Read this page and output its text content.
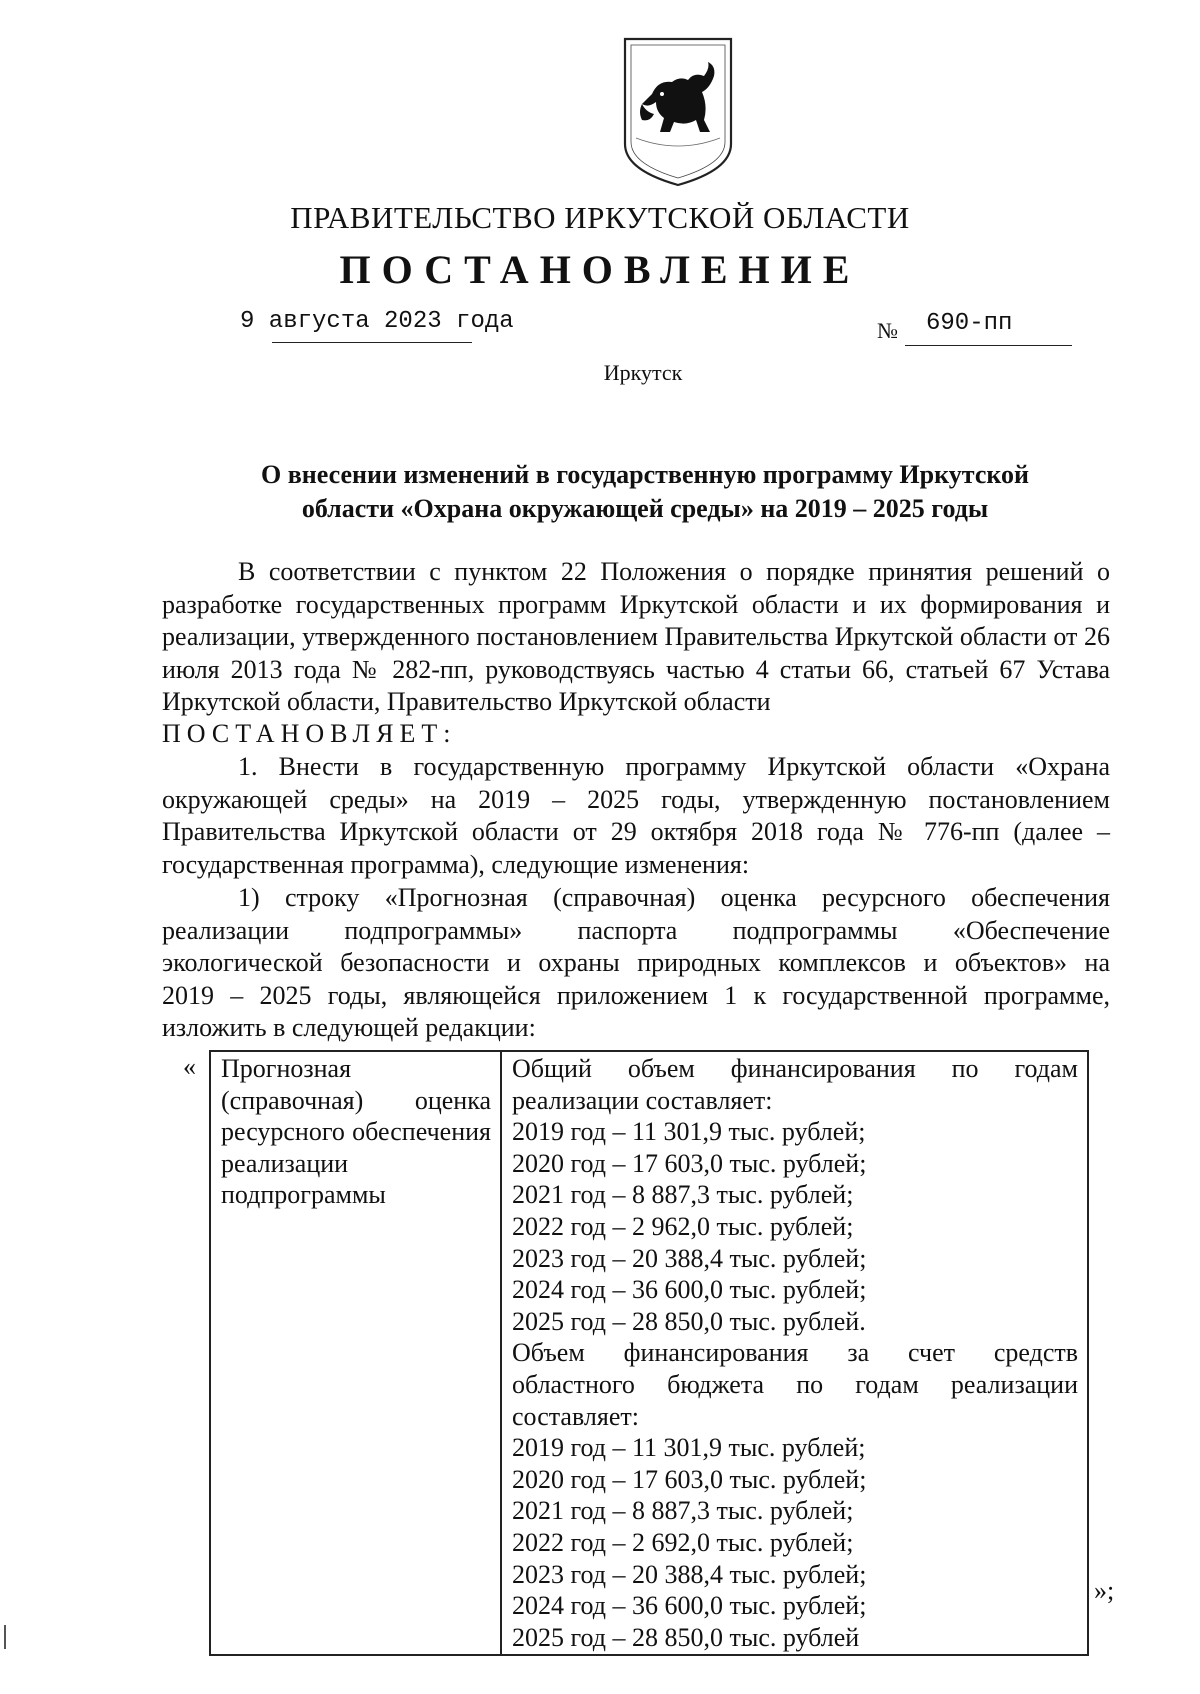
ПРАВИТЕЛЬСТВО ИРКУТСКОЙ ОБЛАСТИ
ПОСТАНОВЛЕНИЕ
9 августа 2023 года	№ 690-пп
Иркутск
О внесении изменений в государственную программу Иркутской
области «Охрана окружающей среды» на 2019 – 2025 годы
В соответствии с пунктом 22 Положения о порядке принятия решений о разработке государственных программ Иркутской области и их формирования и реализации, утвержденного постановлением Правительства Иркутской области от 26 июля 2013 года № 282-пп, руководствуясь частью 4 статьи 66, статьей 67 Устава Иркутской области, Правительство Иркутской области
ПОСТАНОВЛЯЕТ:
1. Внести в государственную программу Иркутской области «Охрана окружающей среды» на 2019 – 2025 годы, утвержденную постановлением Правительства Иркутской области от 29 октября 2018 года № 776-пп (далее – государственная программа), следующие изменения:
1) строку «Прогнозная (справочная) оценка ресурсного обеспечения
реализации подпрограммы» паспорта подпрограммы «Обеспечение
экологической безопасности и охраны природных комплексов и объектов» на
2019 – 2025 годы, являющейся приложением 1 к государственной программе,
изложить в следующей редакции:
« Прогнозная (справочная) оценка ресурсного обеспечения реализации подпрограммы

Общий объем финансирования по годам
реализации составляет:
2019 год – 11 301,9 тыс. рублей;
2020 год – 17 603,0 тыс. рублей;
2021 год – 8 887,3 тыс. рублей;
2022 год – 2 962,0 тыс. рублей;
2023 год – 20 388,4 тыс. рублей;
2024 год – 36 600,0 тыс. рублей;
2025 год – 28 850,0 тыс. рублей.
Объем финансирования за счет средств
областного бюджета по годам реализации
составляет:
2019 год – 11 301,9 тыс. рублей;
2020 год – 17 603,0 тыс. рублей;
2021 год – 8 887,3 тыс. рублей;
2022 год – 2 692,0 тыс. рублей;
2023 год – 20 388,4 тыс. рублей;
2024 год – 36 600,0 тыс. рублей;
2025 год – 28 850,0 тыс. рублей
»;
